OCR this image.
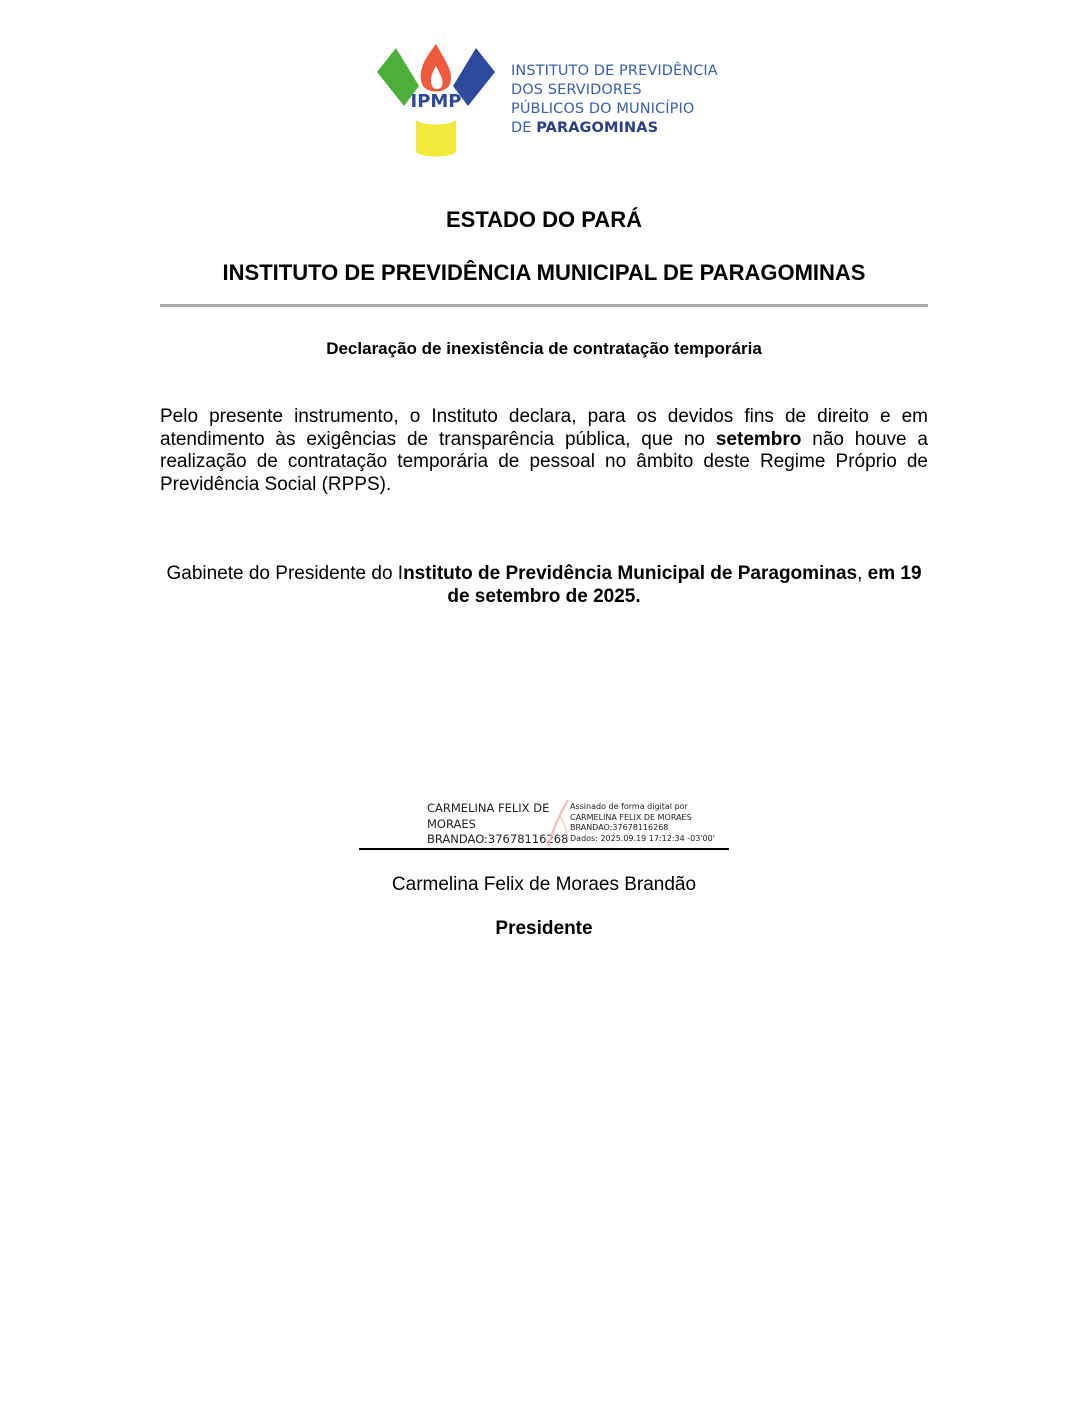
IPMP
INSTITUTO DE PREVIDÊNCIA
DOS SERVIDORES
PÚBLICOS DO MUNICÍPIO
DE PARAGOMINAS
ESTADO DO PARÁ
INSTITUTO DE PREVIDÊNCIA MUNICIPAL DE PARAGOMINAS
Declaração de inexistência de contratação temporária
Pelo presente instrumento, o Instituto declara, para os devidos fins de direito e em atendimento às exigências de transparência pública, que no setembro não houve a realização de contratação temporária de pessoal no âmbito deste Regime Próprio de Previdência Social (RPPS).
Gabinete do Presidente do Instituto de Previdência Municipal de Paragominas, em 19 de setembro de 2025.
CARMELINA FELIX DE
MORAES
BRANDAO:37678116268
Assinado de forma digital por
CARMELINA FELIX DE MORAES
BRANDAO:37678116268
Dados: 2025.09.19 17:12:34 -03'00'
Carmelina Felix de Moraes Brandão
Presidente
